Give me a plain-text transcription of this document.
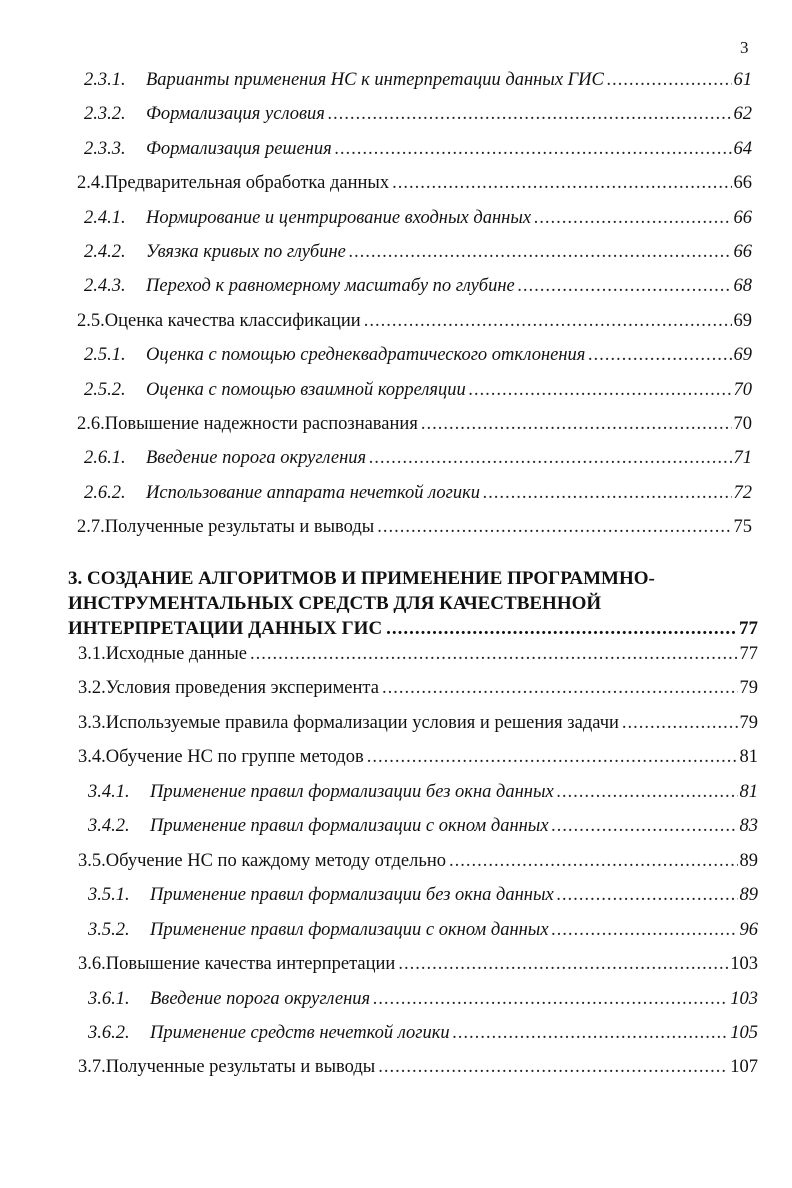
3
2.3.1.	Варианты применения НС к интерпретации данных ГИС .....	61
2.3.2.	Формализация условия .....	62
2.3.3.	Формализация решения .....	64
2.4. Предварительная обработка данных .....	66
2.4.1.	Нормирование и центрирование входных данных .....	66
2.4.2.	Увязка кривых по глубине .....	66
2.4.3.	Переход к равномерному масштабу по глубине .....	68
2.5. Оценка качества классификации .....	69
2.5.1.	Оценка с помощью среднеквадратического отклонения .....	69
2.5.2.	Оценка с помощью взаимной корреляции .....	70
2.6. Повышение надежности распознавания .....	70
2.6.1.	Введение порога округления .....	71
2.6.2.	Использование аппарата нечеткой логики .....	72
2.7. Полученные результаты и выводы .....	75
3. СОЗДАНИЕ АЛГОРИТМОВ И ПРИМЕНЕНИЕ ПРОГРАММНО-
ИНСТРУМЕНТАЛЬНЫХ СРЕДСТВ ДЛЯ КАЧЕСТВЕННОЙ
ИНТЕРПРЕТАЦИИ ДАННЫХ ГИС .....	77
3.1. Исходные данные .....	77
3.2. Условия проведения эксперимента .....	79
3.3. Используемые правила формализации условия и решения задачи .....	79
3.4. Обучение НС по группе методов .....	81
3.4.1.	Применение правил формализации без окна данных .....	81
3.4.2.	Применение правил формализации с окном данных .....	83
3.5. Обучение НС по каждому методу отдельно .....	89
3.5.1.	Применение правил формализации без окна данных .....	89
3.5.2.	Применение правил формализации с окном данных .....	96
3.6. Повышение качества интерпретации .....	103
3.6.1.	Введение порога округления .....	103
3.6.2.	Применение средств нечеткой логики .....	105
3.7. Полученные результаты и выводы .....	107
